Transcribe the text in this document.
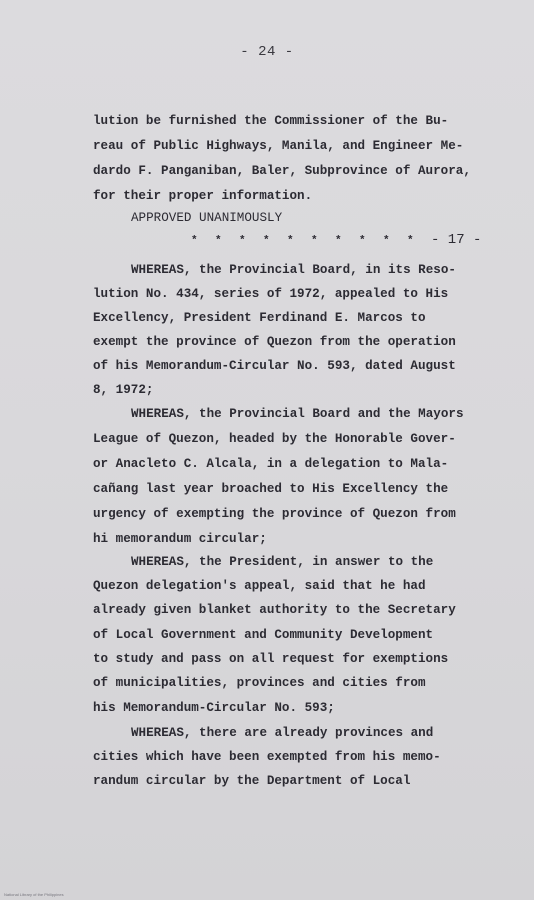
- 24 -
lution be furnished the Commissioner of the Bu-
reau of Public Highways, Manila, and Engineer Me-
dardo F. Panganiban, Baler, Subprovince of Aurora,
for their proper information.
APPROVED UNANIMOUSLY
* * * * * * * * * * - 17 -
WHEREAS, the Provincial Board, in its Reso-
lution No. 434, series of 1972, appealed to His
Excellency, President Ferdinand E. Marcos to
exempt the province of Quezon from the operation
of his Memorandum-Circular No. 593, dated August
8, 1972;
WHEREAS, the Provincial Board and the Mayors
League of Quezon, headed by the Honorable Gover-
or Anacleto C. Alcala, in a delegation to Mala-
cañang last year broached to His Excellency the
urgency of exempting the province of Quezon from
hi memorandum circular;
WHEREAS, the President, in answer to the
Quezon delegation's appeal, said that he had
already given blanket authority to the Secretary
of Local Government and Community Development
to study and pass on all request for exemptions
of municipalities, provinces and cities from
his Memorandum-Circular No. 593;
WHEREAS, there are already provinces and
cities which have been exempted from his memo-
randum circular by the Department of Local
National Library of the Philippines
